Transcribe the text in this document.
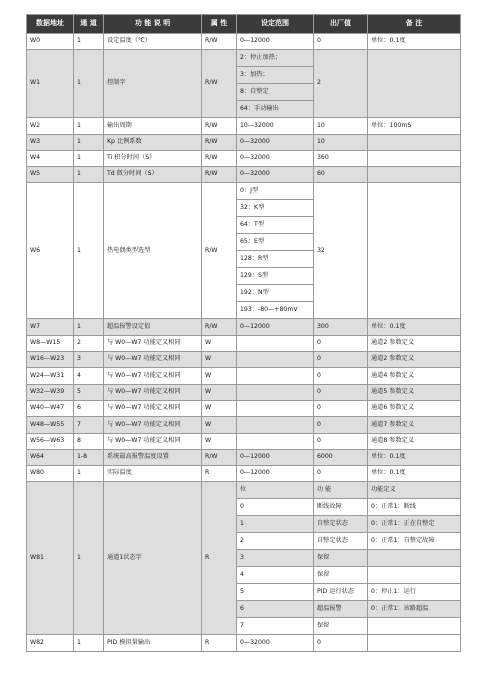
数据地址	通 道	功 能 说 明	属 性	设定范围	出厂值	备 注
W0	1	设定温度（℃）	R/W	0—12000	0	单位：0.1度
W1	1	控制字	R/W	2：停止加热；	2	
				3：加热；		
				8：自整定		
				64：手动输出		
W2	1	输出周期	R/W	10—32000	10	单位：100mS
W3	1	Kp 比例系数	R/W	0—32000	10	
W4	1	Ti 积分时间（S）	R/W	0—32000	360	
W5	1	Td 微分时间（S）	R/W	0—32000	60	
W6	1	热电偶类型选型	R/W	0：J型	32	
				32：K型		
				64：T型		
				65：E型		
				128：R型		
				129：S型		
				192：N型		
				193：-80—+80mV		
W7	1	超温报警设定值	R/W	0—12000	300	单位：0.1度
W8—W15	2	与 W0—W7 功能定义相同	W		0	通道2 参数定义
W16—W23	3	与 W0—W7 功能定义相同	W		0	通道2 参数定义
W24—W31	4	与 W0—W7 功能定义相同	W		0	通道4 参数定义
W32—W39	5	与 W0—W7 功能定义相同	W		0	通道5 参数定义
W40—W47	6	与 W0—W7 功能定义相同	W		0	通道6 参数定义
W48—W55	7	与 W0—W7 功能定义相同	W		0	通道7 参数定义
W56—W63	8	与 W0—W7 功能定义相同	W		0	通道8 参数定义
W64	1-8	系统最高报警温度设置	R/W	0—12000	6000	单位：0.1度
W80	1	实际温度	R	0—12000	0	单位：0.1度
W81	1	通道1状态字	R	位	功 能	功能定义
				0	断线故障	0：正常1：断线
				1	自整定状态	0：正常1：正在自整定
				2	自整定状态	0：正常1：自整定故障
				3	保留	
				4	保留	
				5	PID 运行状态	0：停止1：运行
				6	超温报警	0：正常1：该路超温
				7	保留	
W82	1	PID 模拟量输出	R	0—32000	0	
